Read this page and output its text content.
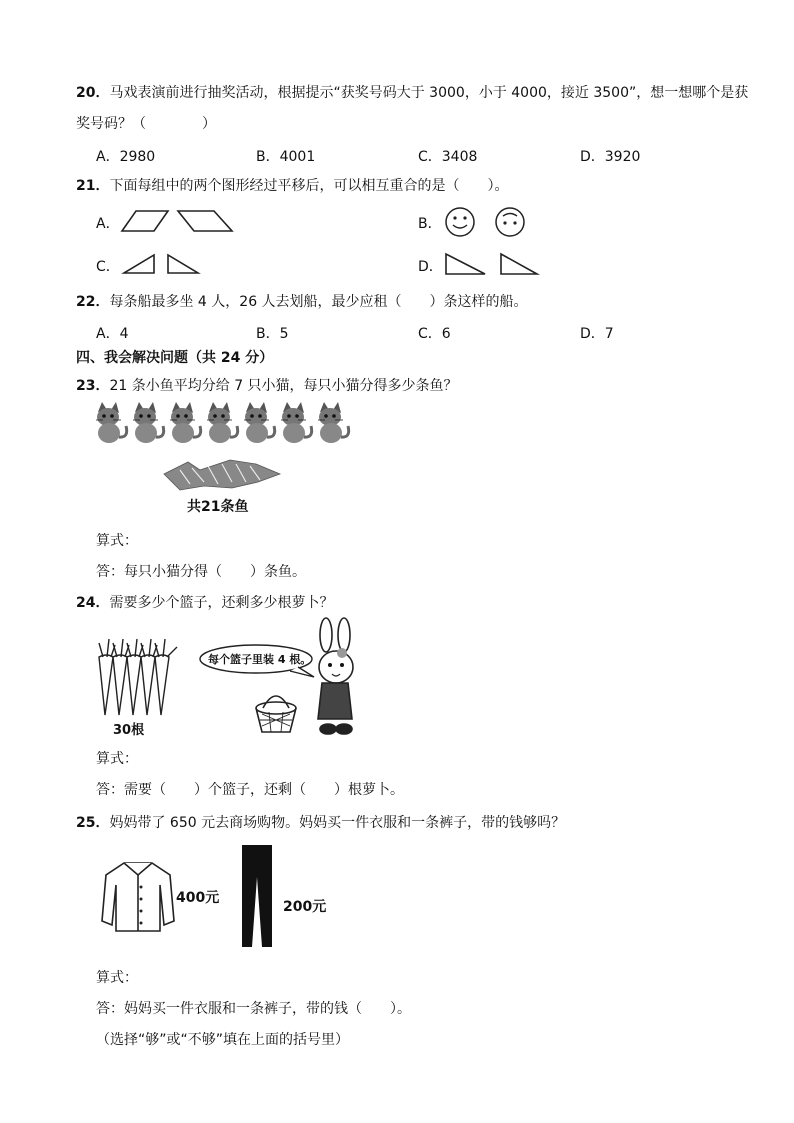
20．马戏表演前进行抽奖活动，根据提示“获奖号码大于 3000，小于 4000，接近 3500”，想一想哪个是获
奖号码？（　　　　）
A．2980	B．4001	C．3408	D．3920
21．下面每组中的两个图形经过平移后，可以相互重合的是（　　）。
A．	B．
C．	D．
22．每条船最多坐 4 人，26 人去划船，最少应租（　　）条这样的船。
A．4	B．5	C．6	D．7
四、我会解决问题（共 24 分）
23．21 条小鱼平均分给 7 只小猫，每只小猫分得多少条鱼？
共21条鱼
算式：
答：每只小猫分得（　　）条鱼。
24．需要多少个篮子，还剩多少根萝卜？
30根
每个篮子里装 4 根。
算式：
答：需要（　　）个篮子，还剩（　　）根萝卜。
25．妈妈带了 650 元去商场购物。妈妈买一件衣服和一条裤子，带的钱够吗？
400元
200元
算式：
答：妈妈买一件衣服和一条裤子，带的钱（　　）。
（选择“够”或“不够”填在上面的括号里）
